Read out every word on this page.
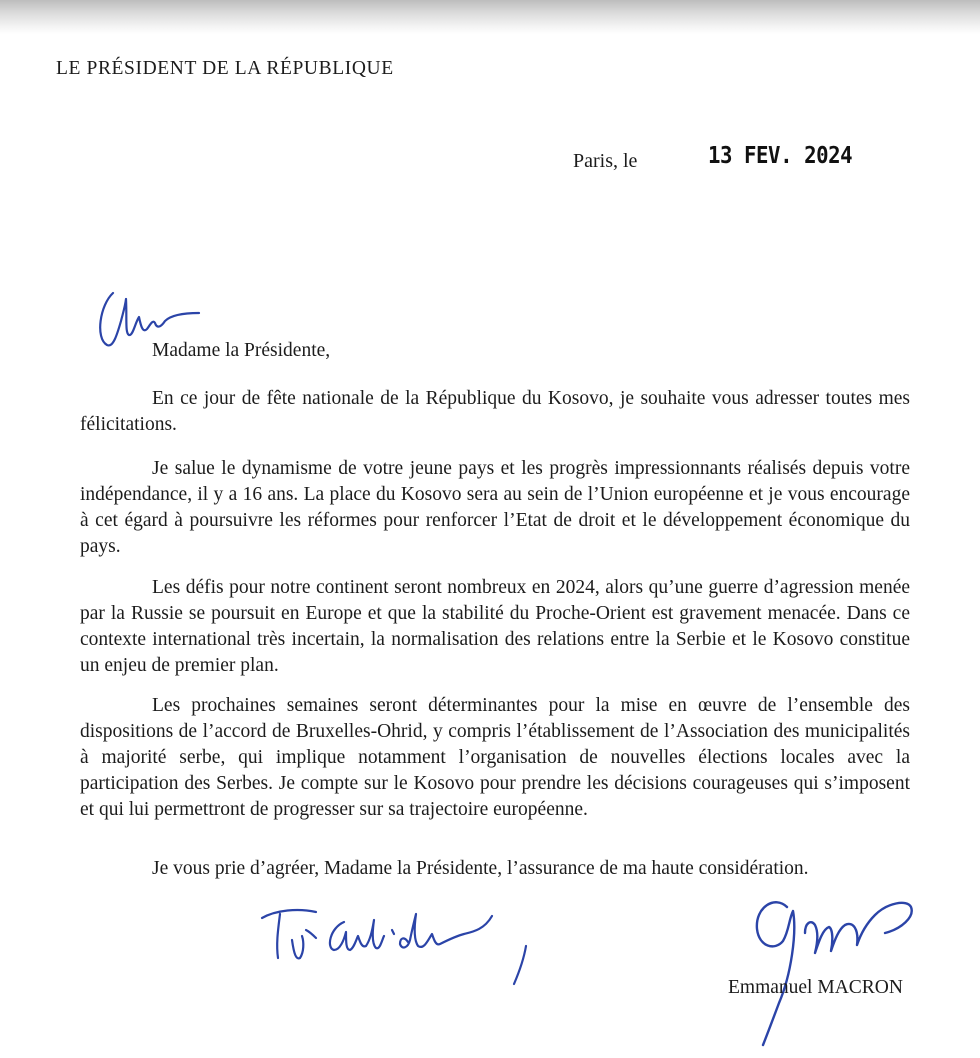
LE PRÉSIDENT DE LA RÉPUBLIQUE
Paris, le	13 FEV. 2024
Madame la Présidente,

En ce jour de fête nationale de la République du Kosovo, je souhaite vous adresser toutes mes félicitations.

Je salue le dynamisme de votre jeune pays et les progrès impressionnants réalisés depuis votre indépendance, il y a 16 ans. La place du Kosovo sera au sein de l’Union européenne et je vous encourage à cet égard à poursuivre les réformes pour renforcer l’Etat de droit et le développement économique du pays.

Les défis pour notre continent seront nombreux en 2024, alors qu’une guerre d’agression menée par la Russie se poursuit en Europe et que la stabilité du Proche-Orient est gravement menacée. Dans ce contexte international très incertain, la normalisation des relations entre la Serbie et le Kosovo constitue un enjeu de premier plan.

Les prochaines semaines seront déterminantes pour la mise en œuvre de l’ensemble des dispositions de l’accord de Bruxelles-Ohrid, y compris l’établissement de l’Association des municipalités à majorité serbe, qui implique notamment l’organisation de nouvelles élections locales avec la participation des Serbes. Je compte sur le Kosovo pour prendre les décisions courageuses qui s’imposent et qui lui permettront de progresser sur sa trajectoire européenne.

Je vous prie d’agréer, Madame la Présidente, l’assurance de ma haute considération.
Emmanuel MACRON
